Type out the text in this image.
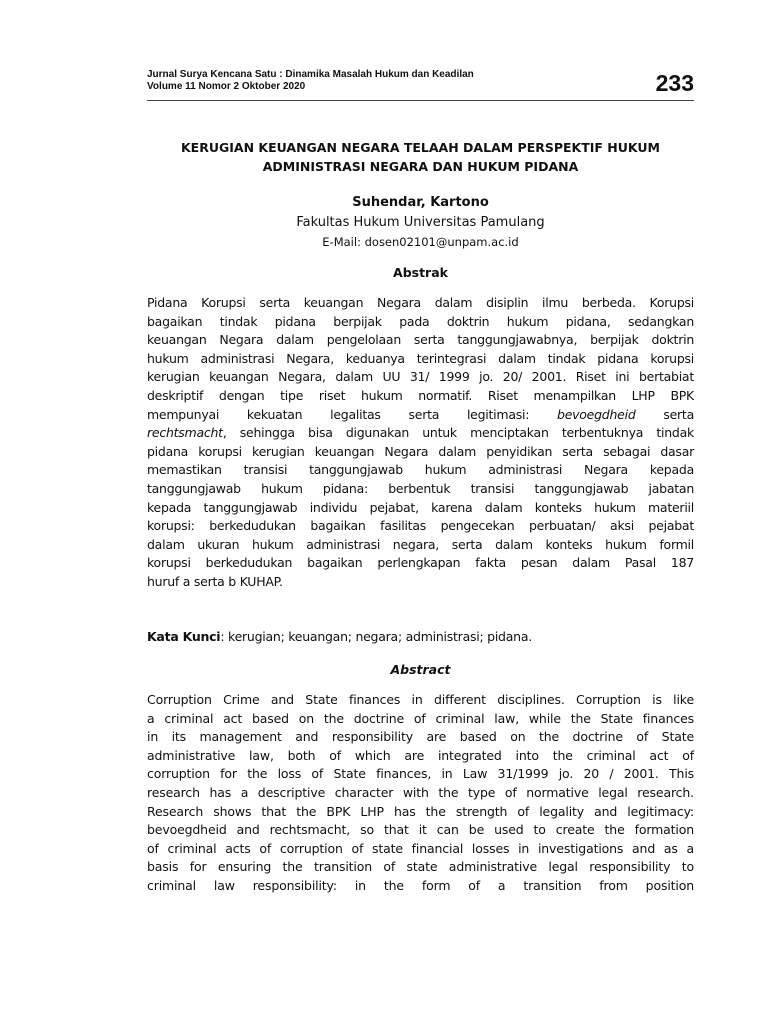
Jurnal Surya Kencana Satu : Dinamika Masalah Hukum dan Keadilan
Volume 11 Nomor 2 Oktober 2020	233
KERUGIAN KEUANGAN NEGARA TELAAH DALAM PERSPEKTIF HUKUM
ADMINISTRASI NEGARA DAN HUKUM PIDANA
Suhendar, Kartono
Fakultas Hukum Universitas Pamulang
E-Mail: dosen02101@unpam.ac.id
Abstrak
Pidana Korupsi serta keuangan Negara dalam disiplin ilmu berbeda. Korupsi
bagaikan tindak pidana berpijak pada doktrin hukum pidana, sedangkan
keuangan Negara dalam pengelolaan serta tanggungjawabnya, berpijak doktrin
hukum administrasi Negara, keduanya terintegrasi dalam tindak pidana korupsi
kerugian keuangan Negara, dalam UU 31/ 1999 jo. 20/ 2001. Riset ini bertabiat
deskriptif dengan tipe riset hukum normatif. Riset menampilkan LHP BPK
mempunyai kekuatan legalitas serta legitimasi: bevoegdheid serta
rechtsmacht, sehingga bisa digunakan untuk menciptakan terbentuknya tindak
pidana korupsi kerugian keuangan Negara dalam penyidikan serta sebagai dasar
memastikan transisi tanggungjawab hukum administrasi Negara kepada
tanggungjawab hukum pidana: berbentuk transisi tanggungjawab jabatan
kepada tanggungjawab individu pejabat, karena dalam konteks hukum materiil
korupsi: berkedudukan bagaikan fasilitas pengecekan perbuatan/ aksi pejabat
dalam ukuran hukum administrasi negara, serta dalam konteks hukum formil
korupsi berkedudukan bagaikan perlengkapan fakta pesan dalam Pasal 187
huruf a serta b KUHAP.
Kata Kunci: kerugian; keuangan; negara; administrasi; pidana.
Abstract
Corruption Crime and State finances in different disciplines. Corruption is like
a criminal act based on the doctrine of criminal law, while the State finances
in its management and responsibility are based on the doctrine of State
administrative law, both of which are integrated into the criminal act of
corruption for the loss of State finances, in Law 31/1999 jo. 20 / 2001. This
research has a descriptive character with the type of normative legal research.
Research shows that the BPK LHP has the strength of legality and legitimacy:
bevoegdheid and rechtsmacht, so that it can be used to create the formation
of criminal acts of corruption of state financial losses in investigations and as a
basis for ensuring the transition of state administrative legal responsibility to
criminal law responsibility: in the form of a transition from position
